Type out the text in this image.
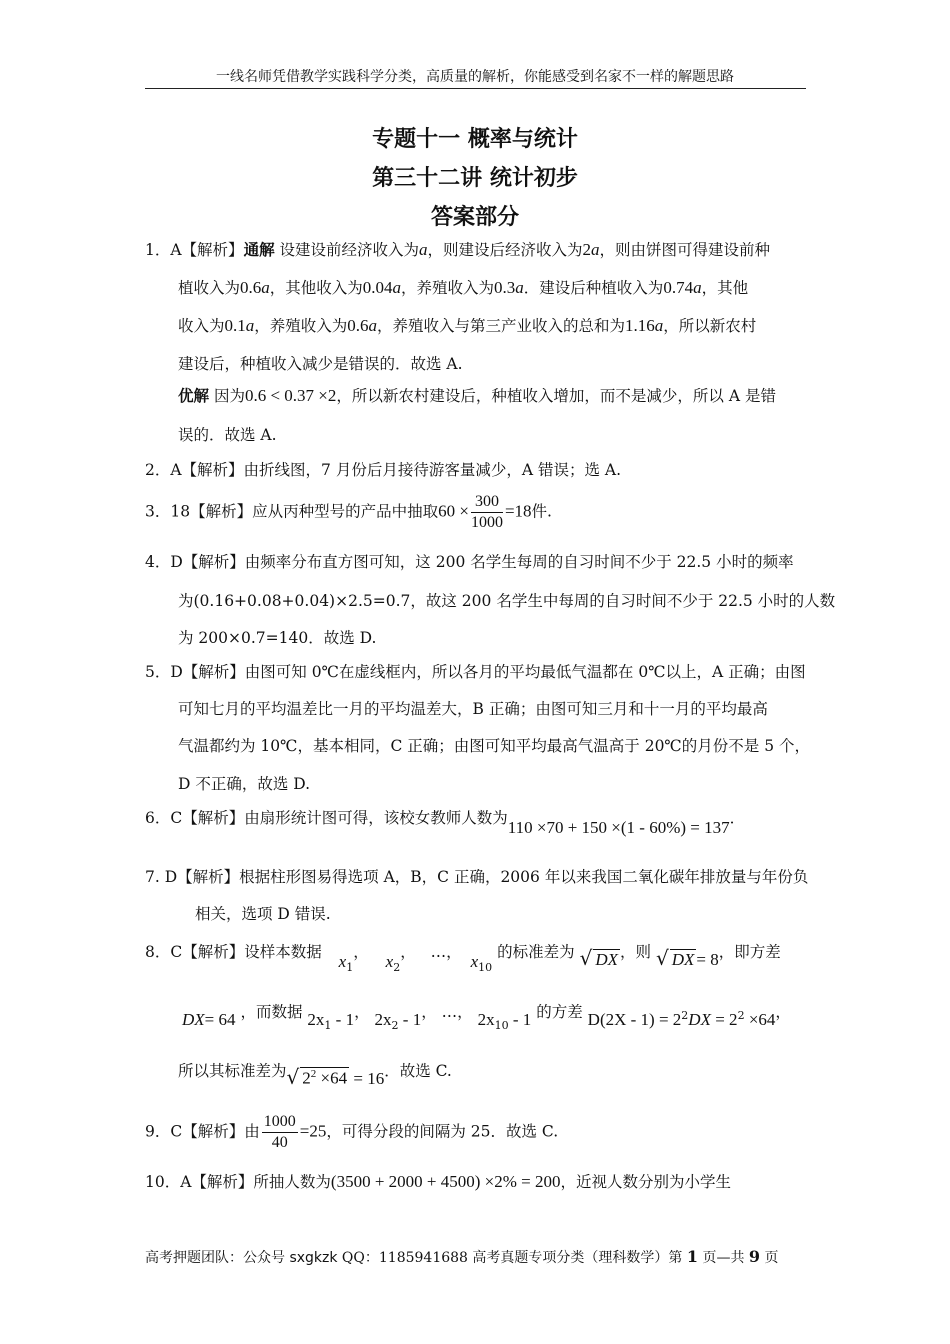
一线名师凭借教学实践科学分类，高质量的解析，你能感受到名家不一样的解题思路
专题十一 概率与统计
第三十二讲 统计初步
答案部分
1．A【解析】通解 设建设前经济收入为a，则建设后经济收入为2a，则由饼图可得建设前种
植收入为0.6a，其他收入为0.04a，养殖收入为0.3a．建设后种植收入为0.74a，其他
收入为0.1a，养殖收入为0.6a，养殖收入与第三产业收入的总和为1.16a，所以新农村
建设后，种植收入减少是错误的．故选 A.
优解 因为0.6 < 0.37 ×2，所以新农村建设后，种植收入增加，而不是减少，所以 A 是错
误的．故选 A.
2．A【解析】由折线图，7 月份后月接待游客量减少，A 错误；选 A.
3．18【解析】应从丙种型号的产品中抽取$60 \times \frac{300}{1000} =18$件.
4．D【解析】由频率分布直方图可知，这 200 名学生每周的自习时间不少于 22.5 小时的频率
为(0.16+0.08+0.04)×2.5=0.7，故这 200 名学生中每周的自习时间不少于 22.5 小时的人数
为 200×0.7=140．故选 D.
5．D【解析】由图可知 0℃在虚线框内，所以各月的平均最低气温都在 0℃以上，A 正确；由图
可知七月的平均温差比一月的平均温差大，B 正确；由图可知三月和十一月的平均最高
气温都约为 10℃，基本相同，C 正确；由图可知平均最高气温高于 20℃的月份不是 5 个，
D 不正确，故选 D.
6．C【解析】由扇形统计图可得，该校女教师人数为110 ×70 + 150 ×(1 - 60%) = 137．
7. D【解析】根据柱形图易得选项 A，B，C 正确，2006 年以来我国二氧化碳年排放量与年份负
相关，选项 D 错误.
8．C【解析】设样本数据 $x_1$， $x_2$， …， $x_{10}$ 的标准差为 √ DX ，则 √ DX = 8，即方差
DX= 64 ，而数据 $2x_1 - 1$， $2x_2 - 1$， …， $2x_{10} - 1$ 的方差 $D(2X - 1) = 2^2DX = 2^2 \times 64$，
所以其标准差为√ $2^2 \times 64 = 16$．故选 C.
9．C【解析】由 $\frac{1000}{40} =25$，可得分段的间隔为 25．故选 C.
10．A【解析】所抽人数为(3500 + 2000 + 4500) ×2% = 200，近视人数分别为小学生
高考押题团队：公众号 sxgkzk QQ：1185941688 高考真题专项分类（理科数学）第 1 页—共 9 页
